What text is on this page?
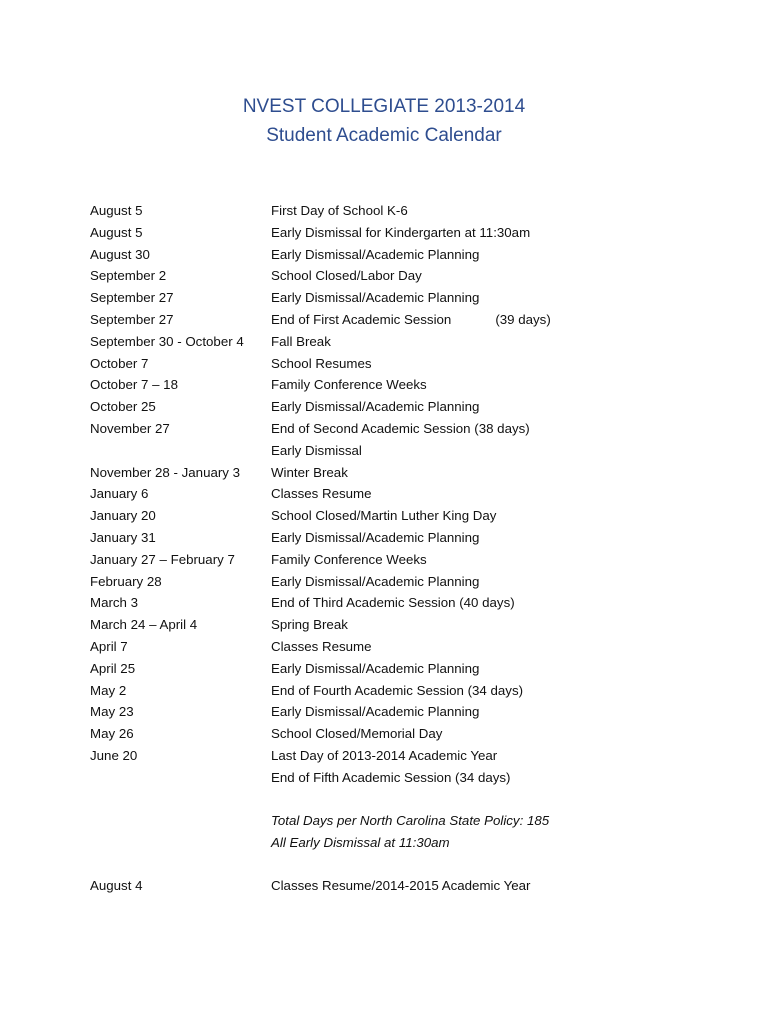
NVEST COLLEGIATE 2013-2014
Student Academic Calendar
August 5	First Day of School K-6
August 5	Early Dismissal for Kindergarten at 11:30am
August 30	Early Dismissal/Academic Planning
September 2	School Closed/Labor Day
September 27	Early Dismissal/Academic Planning
September 27	End of First Academic Session	(39 days)
September 30 - October 4	Fall Break
October 7	School Resumes
October 7 – 18	Family Conference Weeks
October 25	Early Dismissal/Academic Planning
November 27	End of Second Academic Session (38 days)
Early Dismissal
November 28 - January 3	Winter Break
January 6	Classes Resume
January 20	School Closed/Martin Luther King Day
January 31	Early Dismissal/Academic Planning
January 27 – February 7	Family Conference Weeks
February 28	Early Dismissal/Academic Planning
March 3	End of Third Academic Session (40 days)
March 24 – April 4	Spring Break
April 7	Classes Resume
April 25	Early Dismissal/Academic Planning
May 2	End of Fourth Academic Session (34 days)
May 23	Early Dismissal/Academic Planning
May 26	School Closed/Memorial Day
June 20	Last Day of 2013-2014 Academic Year
End of Fifth Academic Session (34 days)
Total Days per North Carolina State Policy: 185
All Early Dismissal at 11:30am
August 4	Classes Resume/2014-2015 Academic Year
